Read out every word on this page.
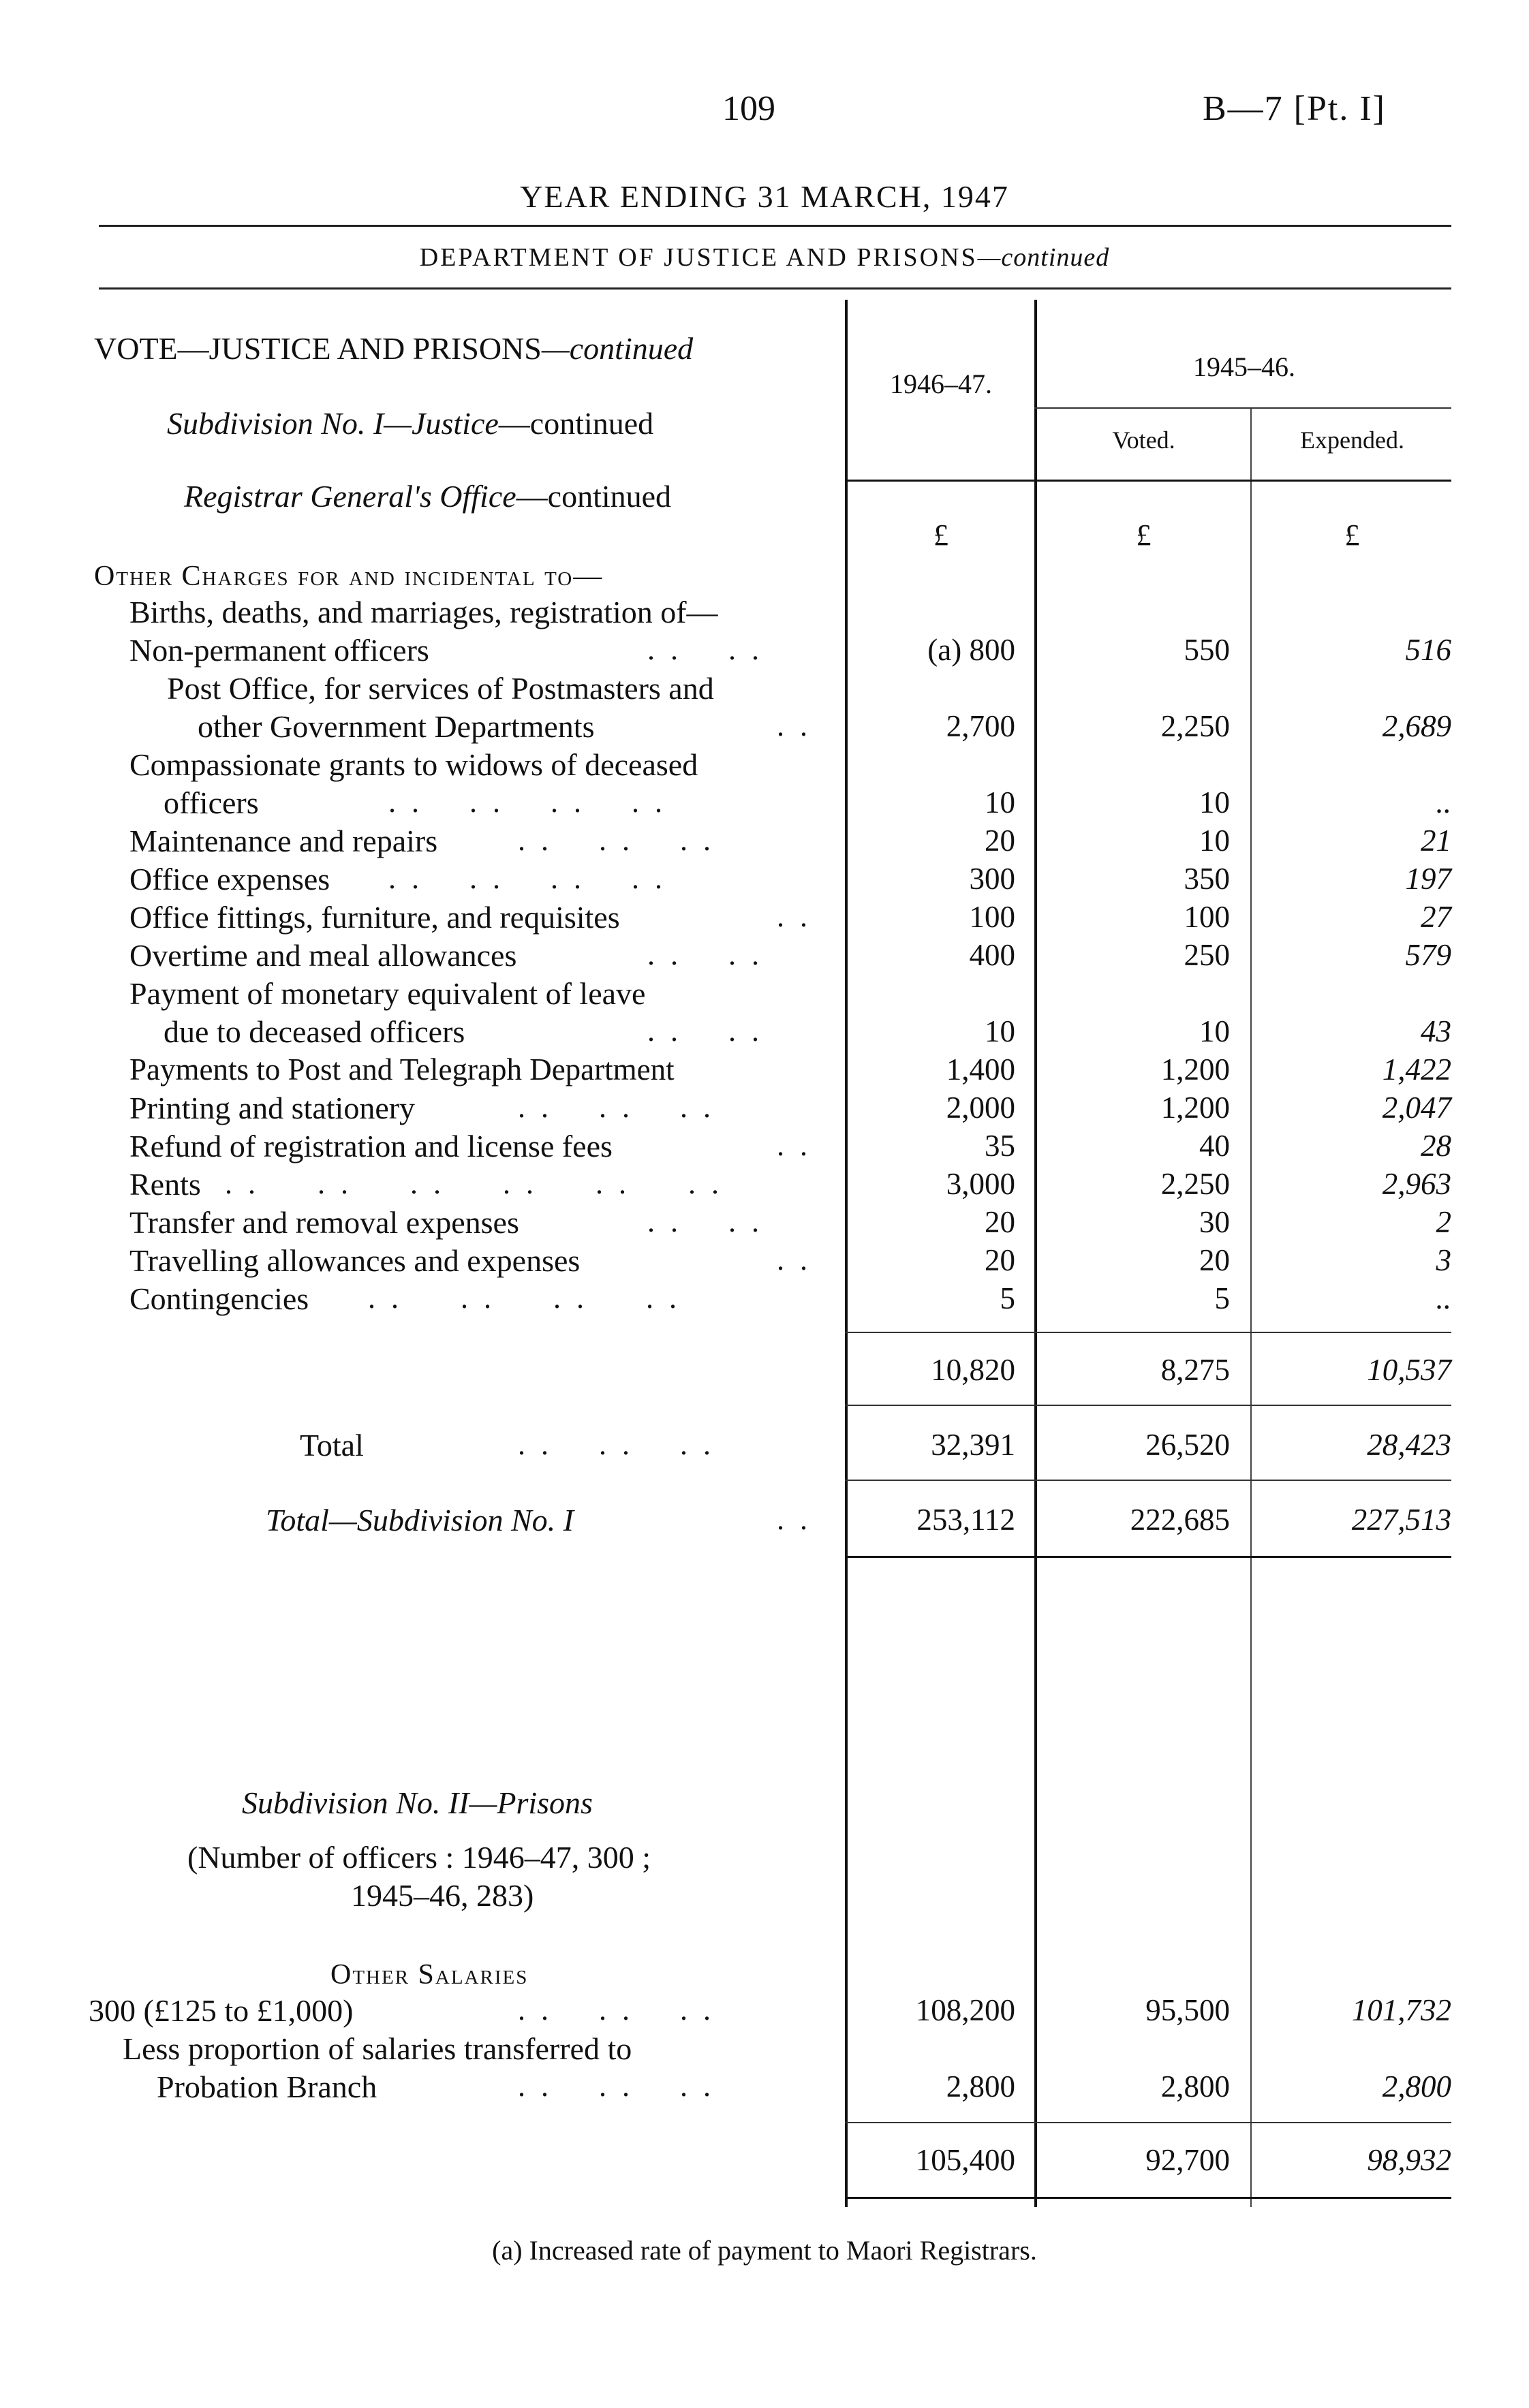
109	B—7 [Pt. I]
YEAR ENDING 31 MARCH, 1947
DEPARTMENT OF JUSTICE AND PRISONS—continued
1946–47.
1945–46.
Voted.	Expended.
£	£	£
VOTE—JUSTICE AND PRISONS—continued
Subdivision No. I—Justice—continued
Registrar General's Office—continued
Other Charges for and incidental to—
Births, deaths, and marriages, registration of—
Non-permanent officers	. .    . .	(a) 800	550	516
Post Office, for services of Postmasters and
other Government Departments	. .	2,700	2,250	2,689
Compassionate grants to widows of deceased
officers	. .    . .    . .    . .	10	10	..
Maintenance and repairs	. .    . .    . .	20	10	21
Office expenses . .    . .    . .    . .	300	350	197
Office fittings, furniture, and requisites	. .	100	100	27
Overtime and meal allowances	. .    . .	400	250	579
Payment of monetary equivalent of leave
due to deceased officers	. .    . .	10	10	43
Payments to Post and Telegraph Department	1,400	1,200	1,422
Printing and stationery	. .    . .    . .	2,000	1,200	2,047
Refund of registration and license fees	. .	35	40	28
Rents . .     . .     . .     . .     . .     . .	3,000	2,250	2,963
Transfer and removal expenses	. .    . .	20	30	2
Travelling allowances and expenses	. .	20	20	3
Contingencies . .     . .     . .     . .	5	5	..
10,820	8,275	10,537
Total	. .    . .    . .	32,391	26,520	28,423
Total—Subdivision No. I	. .	253,112	222,685	227,513
Subdivision No. II—Prisons
(Number of officers : 1946–47, 300 ;
1945–46, 283)
Other Salaries
300 (£125 to £1,000)	. .    . .    . .	108,200	95,500	101,732
Less proportion of salaries transferred to
Probation Branch	. .    . .    . .	2,800	2,800	2,800
105,400	92,700	98,932
(a) Increased rate of payment to Maori Registrars.
